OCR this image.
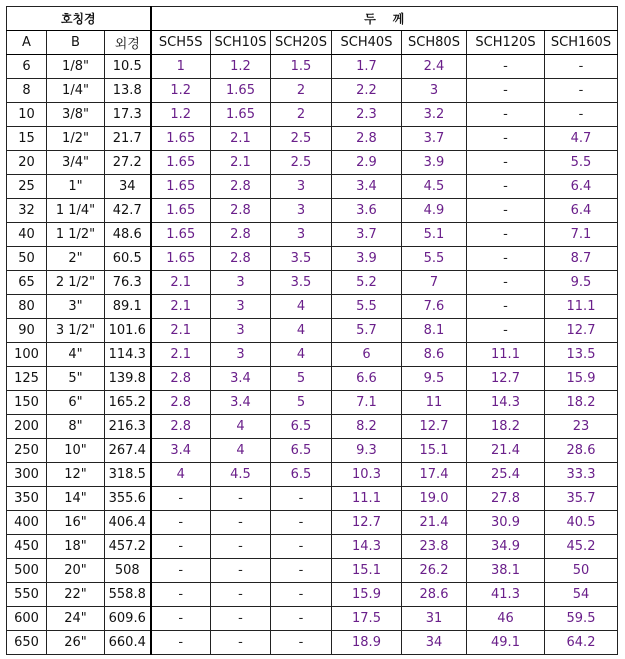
호칭경			두    께						
A	B	외경	SCH5S	SCH10S	SCH20S	SCH40S	SCH80S	SCH120S	SCH160S
6	1/8"	10.5	1	1.2	1.5	1.7	2.4	-	-
8	1/4"	13.8	1.2	1.65	2	2.2	3	-	-
10	3/8"	17.3	1.2	1.65	2	2.3	3.2	-	-
15	1/2"	21.7	1.65	2.1	2.5	2.8	3.7	-	4.7
20	3/4"	27.2	1.65	2.1	2.5	2.9	3.9	-	5.5
25	1"	34	1.65	2.8	3	3.4	4.5	-	6.4
32	1 1/4"	42.7	1.65	2.8	3	3.6	4.9	-	6.4
40	1 1/2"	48.6	1.65	2.8	3	3.7	5.1	-	7.1
50	2"	60.5	1.65	2.8	3.5	3.9	5.5	-	8.7
65	2 1/2"	76.3	2.1	3	3.5	5.2	7	-	9.5
80	3"	89.1	2.1	3	4	5.5	7.6	-	11.1
90	3 1/2"	101.6	2.1	3	4	5.7	8.1	-	12.7
100	4"	114.3	2.1	3	4	6	8.6	11.1	13.5
125	5"	139.8	2.8	3.4	5	6.6	9.5	12.7	15.9
150	6"	165.2	2.8	3.4	5	7.1	11	14.3	18.2
200	8"	216.3	2.8	4	6.5	8.2	12.7	18.2	23
250	10"	267.4	3.4	4	6.5	9.3	15.1	21.4	28.6
300	12"	318.5	4	4.5	6.5	10.3	17.4	25.4	33.3
350	14"	355.6	-	-	-	11.1	19.0	27.8	35.7
400	16"	406.4	-	-	-	12.7	21.4	30.9	40.5
450	18"	457.2	-	-	-	14.3	23.8	34.9	45.2
500	20"	508	-	-	-	15.1	26.2	38.1	50
550	22"	558.8	-	-	-	15.9	28.6	41.3	54
600	24"	609.6	-	-	-	17.5	31	46	59.5
650	26"	660.4	-	-	-	18.9	34	49.1	64.2
